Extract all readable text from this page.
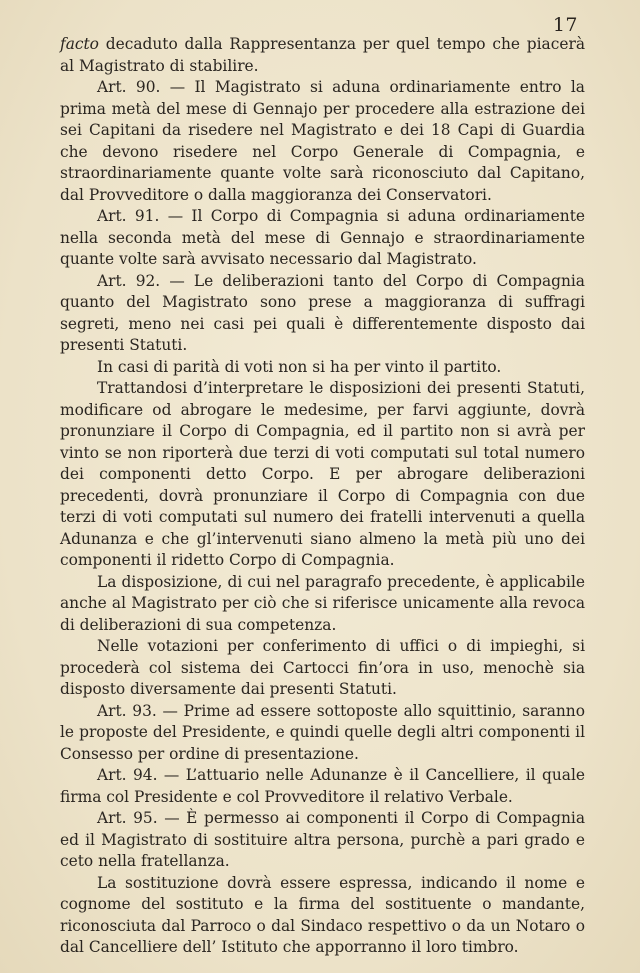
17

facto decaduto dalla Rappresentanza per quel tempo che piacerà al Magistrato di stabilire.

Art. 90. — Il Magistrato si aduna ordinariamente entro la prima metà del mese di Gennajo per procedere alla estrazione dei sei Capitani da risedere nel Magistrato e dei 18 Capi di Guardia che devono risedere nel Corpo Generale di Compagnia, e straordinariamente quante volte sarà riconosciuto dal Capitano, dal Provveditore o dalla maggioranza dei Conservatori.

Art. 91. — Il Corpo di Compagnia si aduna ordinariamente nella seconda metà del mese di Gennajo e straordinariamente quante volte sarà avvisato necessario dal Magistrato.

Art. 92. — Le deliberazioni tanto del Corpo di Compagnia quanto del Magistrato sono prese a maggioranza di suffragi segreti, meno nei casi pei quali è differentemente disposto dai presenti Statuti.

In casi di parità di voti non si ha per vinto il partito.

Trattandosi d’interpretare le disposizioni dei presenti Statuti, modificare od abrogare le medesime, per farvi aggiunte, dovrà pronunziare il Corpo di Compagnia, ed il partito non si avrà per vinto se non riporterà due terzi di voti computati sul total numero dei componenti detto Corpo. E per abrogare deliberazioni precedenti, dovrà pronunziare il Corpo di Compagnia con due terzi di voti computati sul numero dei fratelli intervenuti a quella Adunanza e che gl’intervenuti siano almeno la metà più uno dei componenti il ridetto Corpo di Compagnia.

La disposizione, di cui nel paragrafo precedente, è applicabile anche al Magistrato per ciò che si riferisce unicamente alla revoca di deliberazioni di sua competenza.

Nelle votazioni per conferimento di uffici o di impieghi, si procederà col sistema dei Cartocci fin’ora in uso, menochè sia disposto diversamente dai presenti Statuti.

Art. 93. — Prime ad essere sottoposte allo squittinio, saranno le proposte del Presidente, e quindi quelle degli altri componenti il Consesso per ordine di presentazione.

Art. 94. — L’attuario nelle Adunanze è il Cancelliere, il quale firma col Presidente e col Provveditore il relativo Verbale.

Art. 95. — È permesso ai componenti il Corpo di Compagnia ed il Magistrato di sostituire altra persona, purchè a pari grado e ceto nella fratellanza.

La sostituzione dovrà essere espressa, indicando il nome e cognome del sostituto e la firma del sostituente o mandante, riconosciuta dal Parroco o dal Sindaco respettivo o da un Notaro o dal Cancelliere dell’ Istituto che apporranno il loro timbro.
